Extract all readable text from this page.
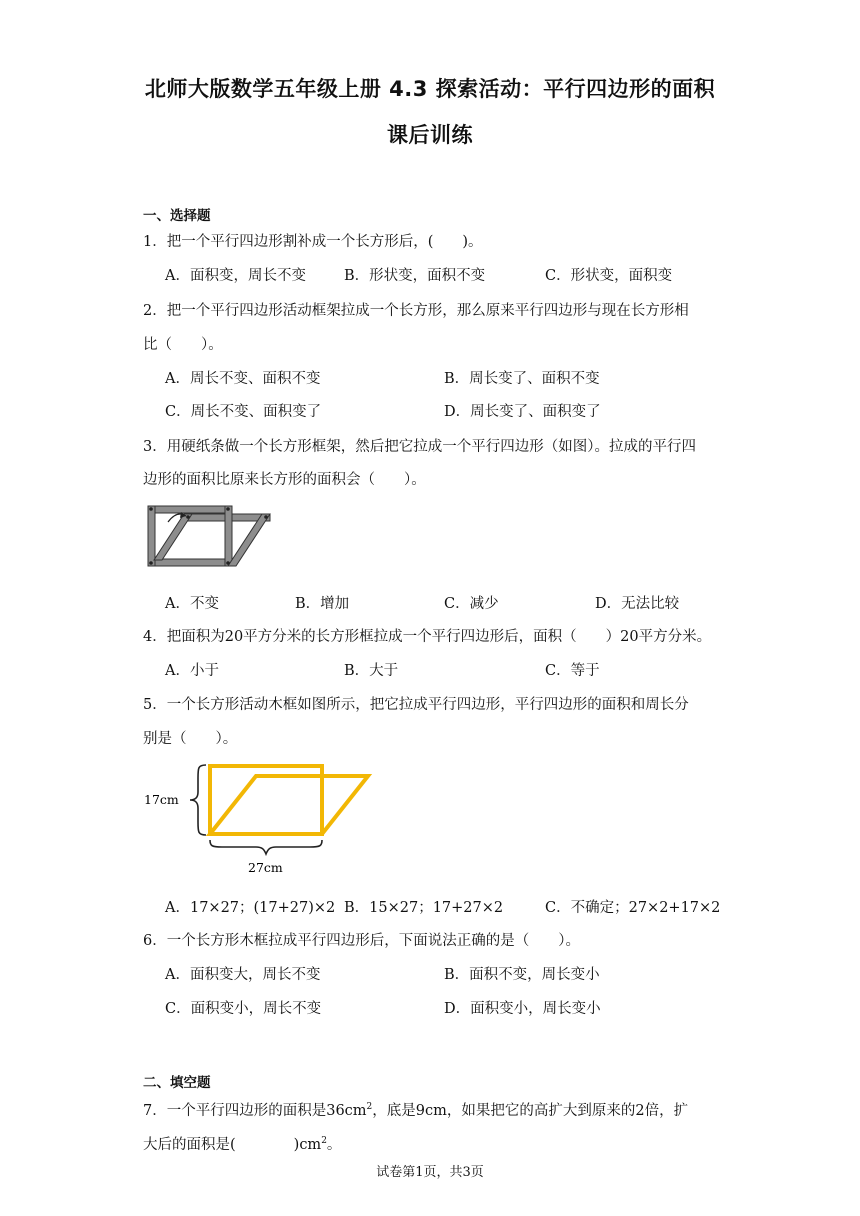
北师大版数学五年级上册 4.3 探索活动：平行四边形的面积
课后训练
一、选择题
1．把一个平行四边形割补成一个长方形后，(　　)。
A．面积变，周长不变	B．形状变，面积不变	C．形状变，面积变
2．把一个平行四边形活动框架拉成一个长方形，那么原来平行四边形与现在长方形相
比（　　）。
A．周长不变、面积不变	B．周长变了、面积不变
C．周长不变、面积变了	D．周长变了、面积变了
3．用硬纸条做一个长方形框架，然后把它拉成一个平行四边形（如图）。拉成的平行四
边形的面积比原来长方形的面积会（　　）。
A．不变	B．增加	C．减少	D．无法比较
4．把面积为20平方分米的长方形框拉成一个平行四边形后，面积（　　）20平方分米。
A．小于	B．大于	C．等于
5．一个长方形活动木框如图所示，把它拉成平行四边形，平行四边形的面积和周长分
别是（　　）。
17cm
27cm
A．17×27；(17+27)×2 B．15×27；17+27×2	C．不确定；27×2+17×2
6．一个长方形木框拉成平行四边形后，下面说法正确的是（　　）。
A．面积变大，周长不变	B．面积不变，周长变小
C．面积变小，周长不变	D．面积变小，周长变小
二、填空题
7．一个平行四边形的面积是$36cm^2$，底是9cm，如果把它的高扩大到原来的2倍，扩
大后的面积是(　　　　)$cm^2$。
试卷第1页，共3页
